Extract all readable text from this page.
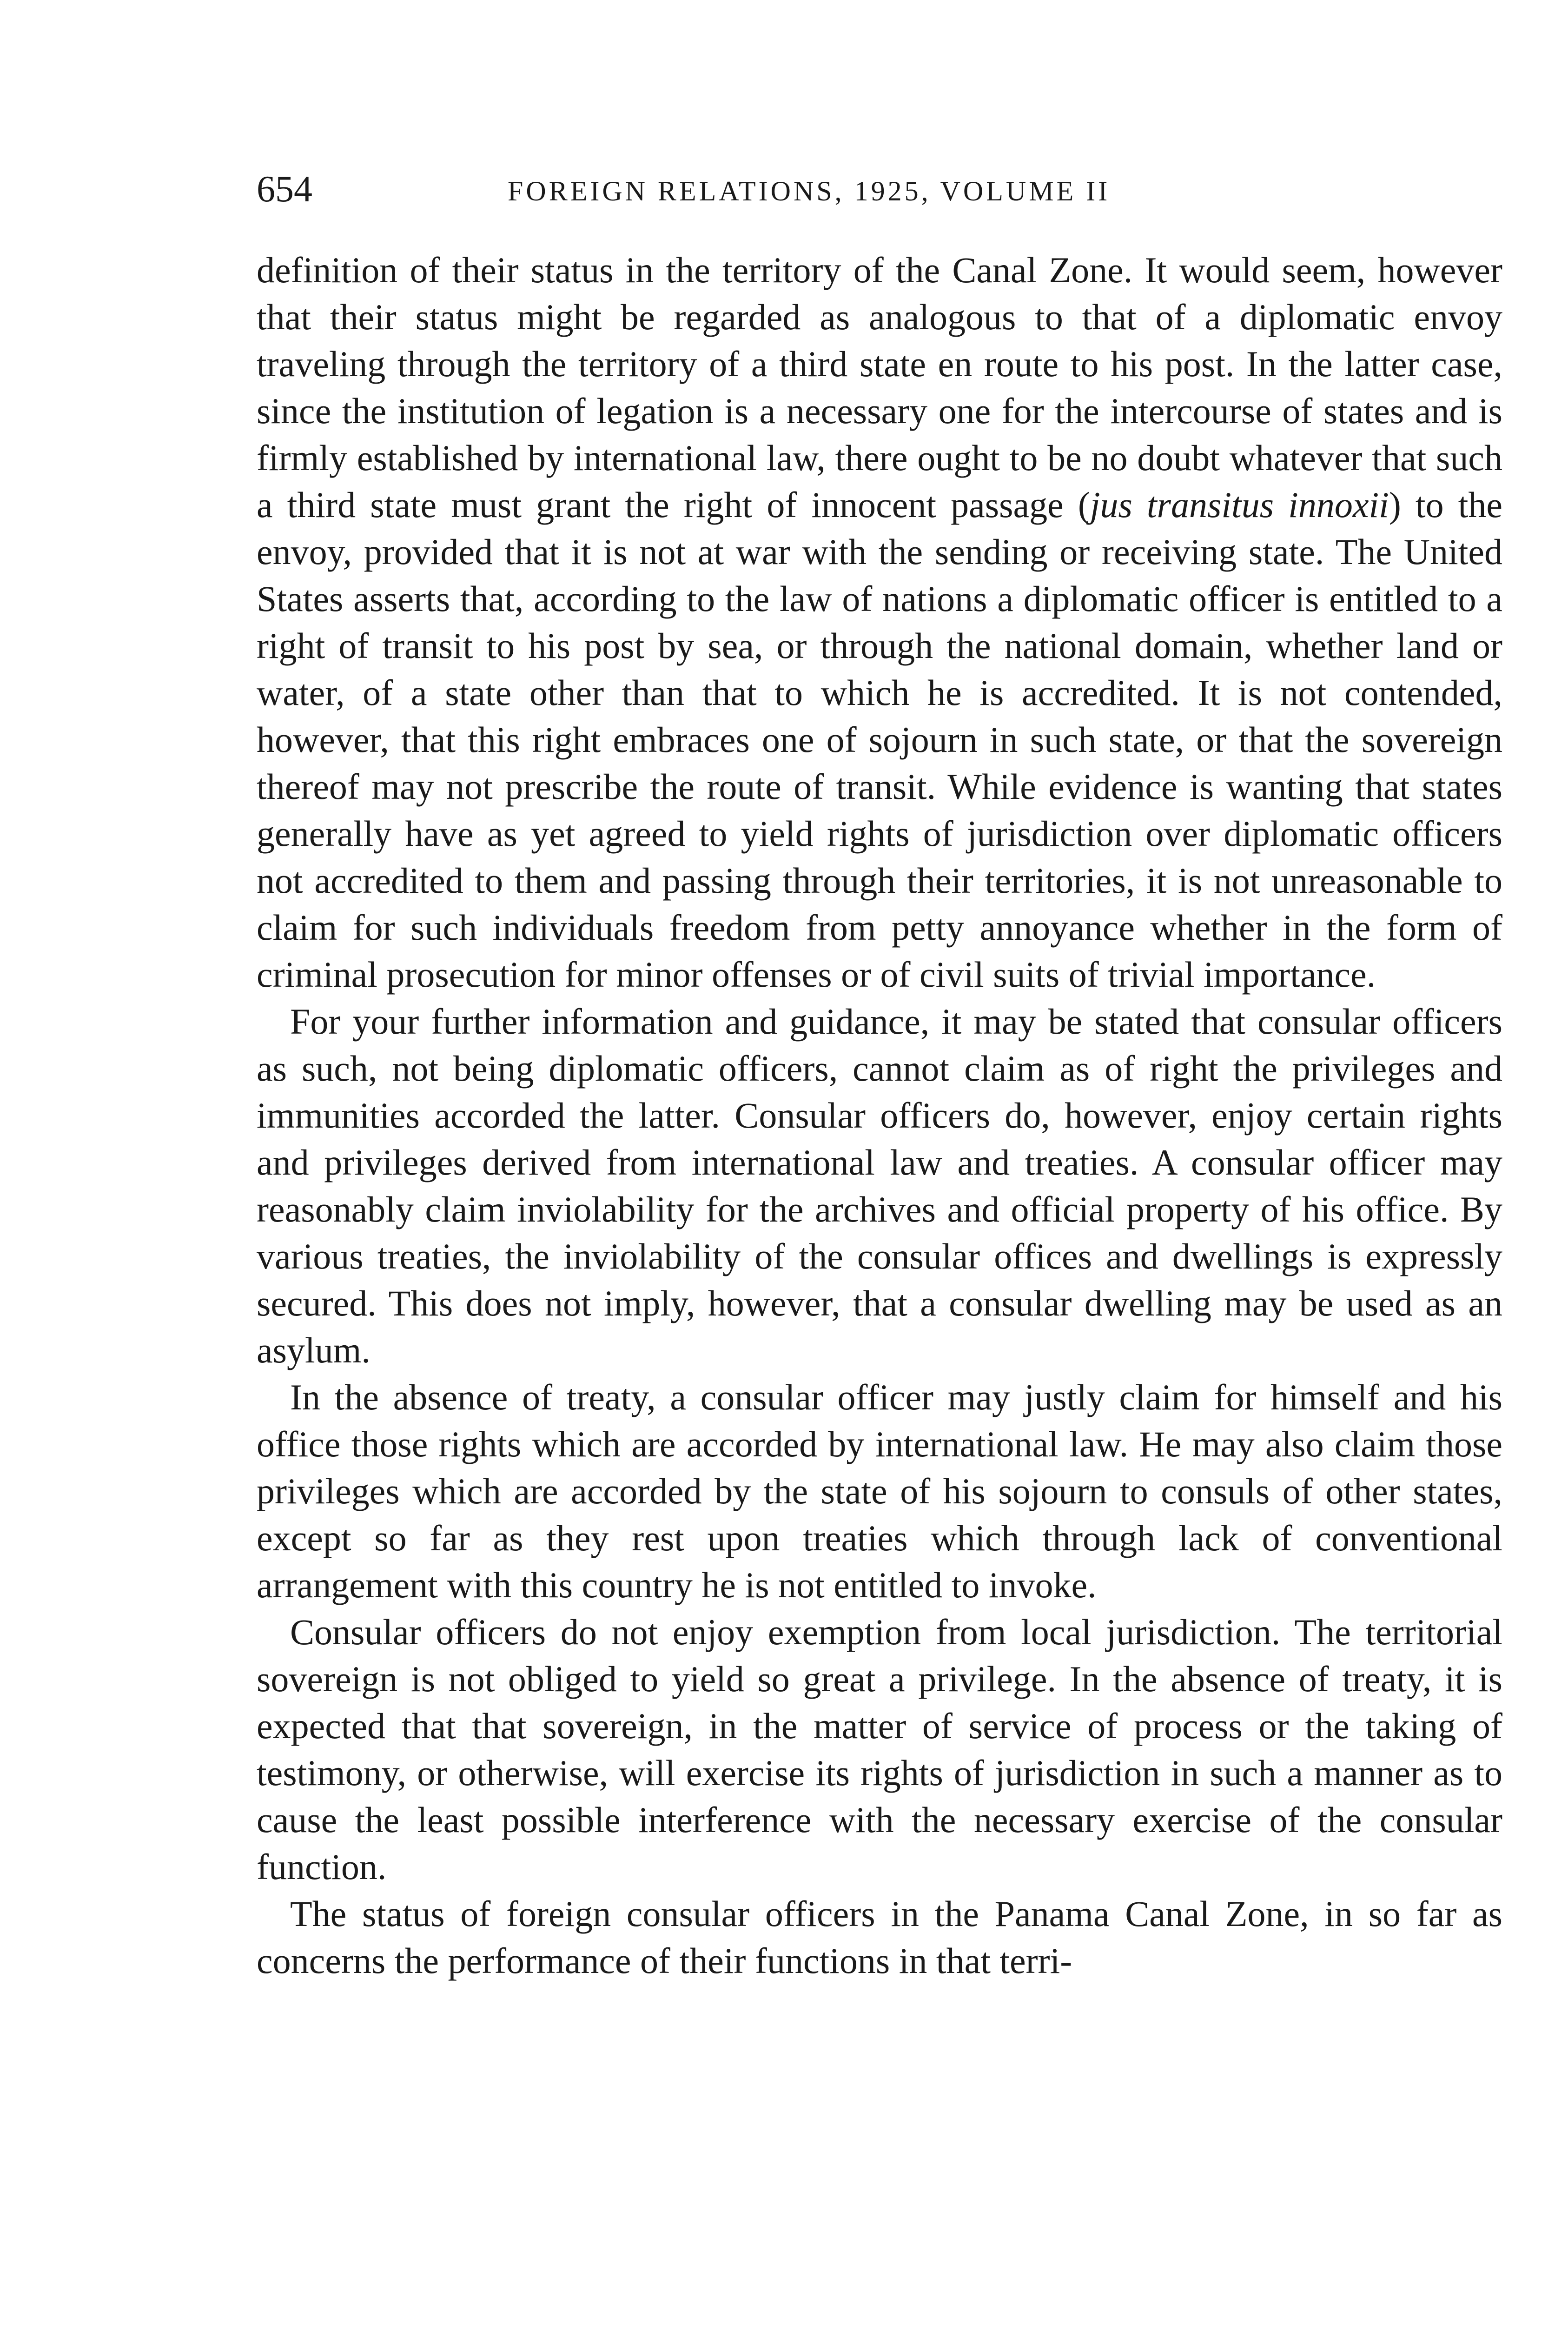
654	FOREIGN RELATIONS, 1925, VOLUME II

definition of their status in the territory of the Canal Zone. It would seem, however that their status might be regarded as analogous to that of a diplomatic envoy traveling through the territory of a third state en route to his post. In the latter case, since the institution of legation is a necessary one for the intercourse of states and is firmly established by international law, there ought to be no doubt whatever that such a third state must grant the right of innocent passage (jus transitus innoxii) to the envoy, provided that it is not at war with the sending or receiving state. The United States asserts that, according to the law of nations a diplomatic officer is entitled to a right of transit to his post by sea, or through the national domain, whether land or water, of a state other than that to which he is accredited. It is not contended, however, that this right embraces one of sojourn in such state, or that the sovereign thereof may not prescribe the route of transit. While evidence is wanting that states generally have as yet agreed to yield rights of jurisdiction over diplomatic officers not accredited to them and passing through their territories, it is not unreasonable to claim for such individuals freedom from petty annoyance whether in the form of criminal prosecution for minor offenses or of civil suits of trivial importance.

For your further information and guidance, it may be stated that consular officers as such, not being diplomatic officers, cannot claim as of right the privileges and immunities accorded the latter. Consular officers do, however, enjoy certain rights and privileges derived from international law and treaties. A consular officer may reasonably claim inviolability for the archives and official property of his office. By various treaties, the inviolability of the consular offices and dwellings is expressly secured. This does not imply, however, that a consular dwelling may be used as an asylum.

In the absence of treaty, a consular officer may justly claim for himself and his office those rights which are accorded by international law. He may also claim those privileges which are accorded by the state of his sojourn to consuls of other states, except so far as they rest upon treaties which through lack of conventional arrangement with this country he is not entitled to invoke.

Consular officers do not enjoy exemption from local jurisdiction. The territorial sovereign is not obliged to yield so great a privilege. In the absence of treaty, it is expected that that sovereign, in the matter of service of process or the taking of testimony, or otherwise, will exercise its rights of jurisdiction in such a manner as to cause the least possible interference with the necessary exercise of the consular function.

The status of foreign consular officers in the Panama Canal Zone, in so far as concerns the performance of their functions in that terri-
